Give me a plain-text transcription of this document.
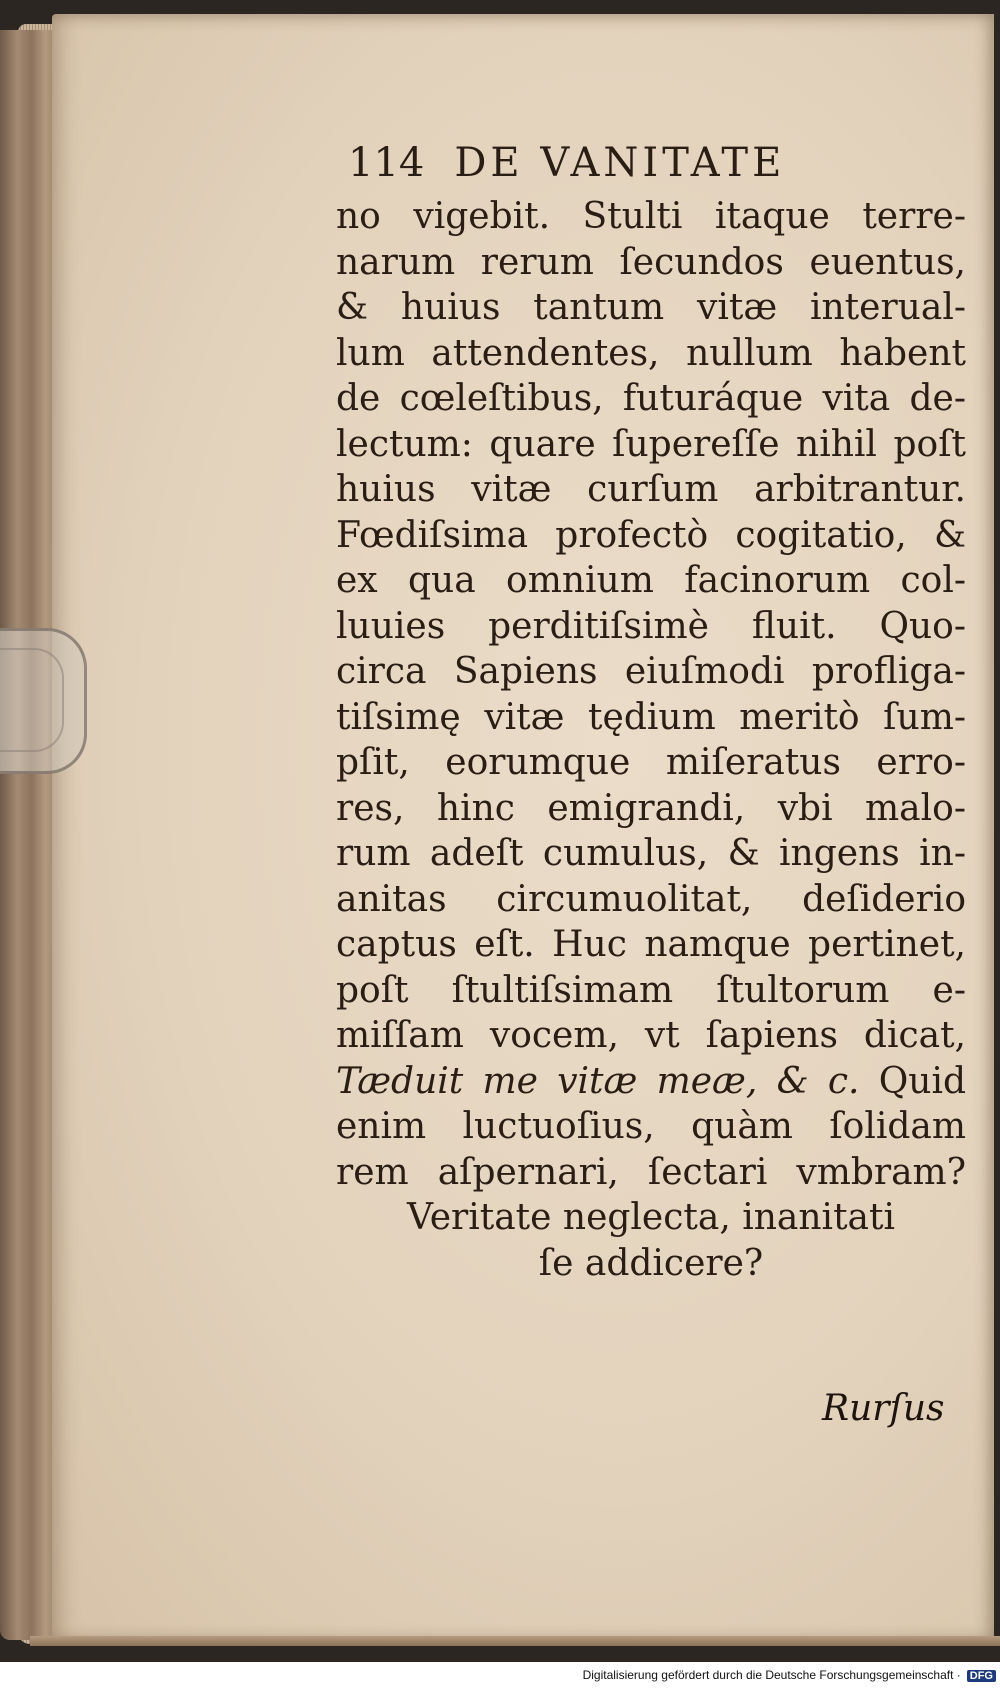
114 DE VANITATE
no vigebit. Stulti itaque terre-
narum rerum ſecundos euentus,
& huius tantum vitæ interual-
lum attendentes, nullum habent
de cœleſtibus, futuráque vita de-
lectum: quare ſupereſſe nihil poſt
huius vitæ curſum arbitrantur.
Fœdiſsima profectò cogitatio, &
ex qua omnium facinorum col-
luuies perditiſsimè fluit. Quo-
circa Sapiens eiuſmodi profliga-
tiſsimę vitæ tędium meritò ſum-
pſit, eorumque miſeratus erro-
res, hinc emigrandi, vbi malo-
rum adeſt cumulus, & ingens in-
anitas circumuolitat, deſiderio
captus eſt. Huc namque pertinet,
poſt ſtultiſsimam ſtultorum e-
miſſam vocem, vt ſapiens dicat,
Tæduit me vitæ meæ, & c. Quid
enim luctuoſius, quàm ſolidam
rem aſpernari, ſectari vmbram?
Veritate neglecta, inanitati
ſe addicere?
Rurſus
Digitalisierung gefördert durch die Deutsche Forschungsgemeinschaft · DFG
